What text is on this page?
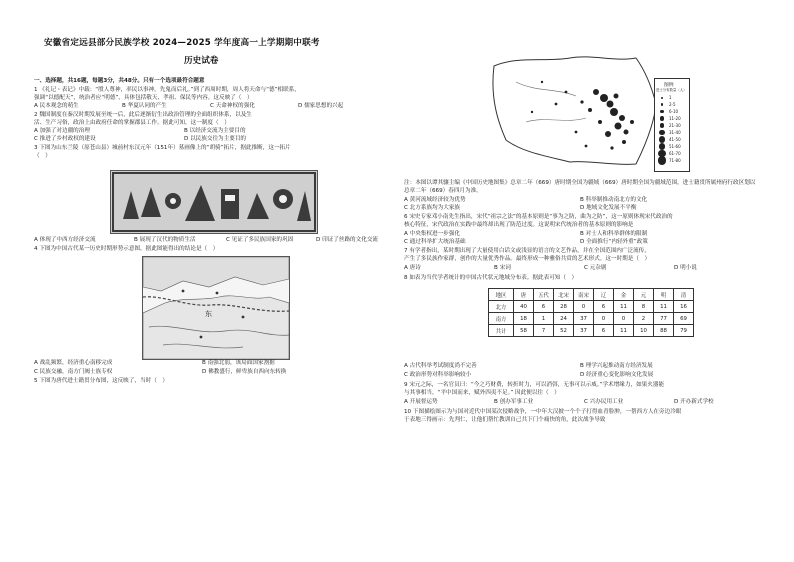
安徽省定远县部分民族学校 2024—2025 学年度高一上学期期中联考
历史试卷
一、选择题，共16题，每题3分，共48分。只有一个选项最符合题意
1 《礼记・表记》中载：“殷人尊神，率民以事神，先鬼而后礼。”到了西周时期，周人将天命与“德”相联系，
强调“以德配天”，统治者应“明德”，具体包括敬天、孝祖、保民等内容。这反映了（　）
A 民本观念的萌生	B 华夏认同的产生	C 天命神权的强化	D 儒家思想的兴起
2 魏国制度在秦汉时期发展至统一后，此后逐渐衍生出政治管理的全面组织体系，以及生
活、生产习俗，政治上由政府任命的掌握郡县工作。据此可知，这一制度（　）
A 加强了对边疆的治理	B 以经济交流为主要目的
C 推进了乡村政权的建设	D 以民族交往为主要目的
3 下图为山东兰陵（原苍山县）城前村东汉元年（151年）墓画像上的“胡骑”拓片，据此推断，这一拓片
（　）
A 体现了中西方经济交流	B 展现了汉代的物质生活	C 见证了多民族国家的巩固	D 印证了丝路的文化交流
4 下图为中国古代某一历史时期形势示意图，据此图能得出的结论是（　）
东
A 战乱频繁，经济重心南移完成	B 南强北弱，该局面国家割据
C 民族交融，南方门阀士族专权	D 佛教盛行，鲜卑族自西向东转换
5 下图为唐代进士籍贯分布图，这反映了，当时（　）
图例
进士分布数量（人）
1
2-5
6-10
11-20
21-30
31-40
41-50
51-60
61-70
71-80
注：本图以谭其骧主编《中国历史地图集》总章二年（669）唐时期全国为疆域（669）唐时期全国为疆域范围，进士籍贯所属州府行政区划以
总章二年（669）春四月为准。
A 黄河流域经济较为优势	B 科举制推动南北方的文化
C 北方系族均为大家族	D 地域文化发展不平衡
6 宋史专家邓小南先生指出，宋代“祖宗之法”的基本原则是“事为之防，曲为之防”，这一原则体现宋代政治的
核心特征，宋代政治在实践中最终却出现了防范过度。这说明宋代统治者的基本原则的影响是
A 中央集权进一步强化	B 对士人和科举群体的限制
C 通过科举扩大统治基础	D 全面推行“内轻外重”政策
7 有学者指出，某时期出现了大量使用白话文或浅显的语言的文艺作品，并在全国范围内广泛流传，
产生了多民族作家群，创作的大量优秀作品。最终形成一种雅俗共赏的艺术形式。这一时期是（　）
A 唐诗	B 宋词	C 元杂剧	D 明小说
8 如表为当代学者统计的中国古代状元地域分布表。据此表可知（　）
地区	唐	五代	北宋	南宋	辽	金	元	明	清
北方	40	6	28	0	6	11	8	11	16
南方	18	1	24	37	0	0	2	77	69
共计	58	7	52	37	6	11	10	88	79
A 古代科举考试制度尚不完善	B 理学兴起推动南方经济发展
C 政治形势对科举影响较小	D 经济重心变化影响文化发展
9 宋元之际，一名官员曰：“今之巧财费，转折时力，可以消弭，无事可以示威。”学术增缘力，如果火器能
与其事相当，“平中国而来，赋外四夷不足。” 因此便以往（　）
A 开展督运势	B 创办军事工业	C 兴办民用工业	D 开办新式学校
10 下图描绘图示为与国对近代中国某次侵略战争，一中年大汉披一个个子打得血青脸肿，一帮西方人在旁边冷眼
于表地三得画示：先判仁，让他们帮忙教训自己共下门个痛快的角，此次战争导致
